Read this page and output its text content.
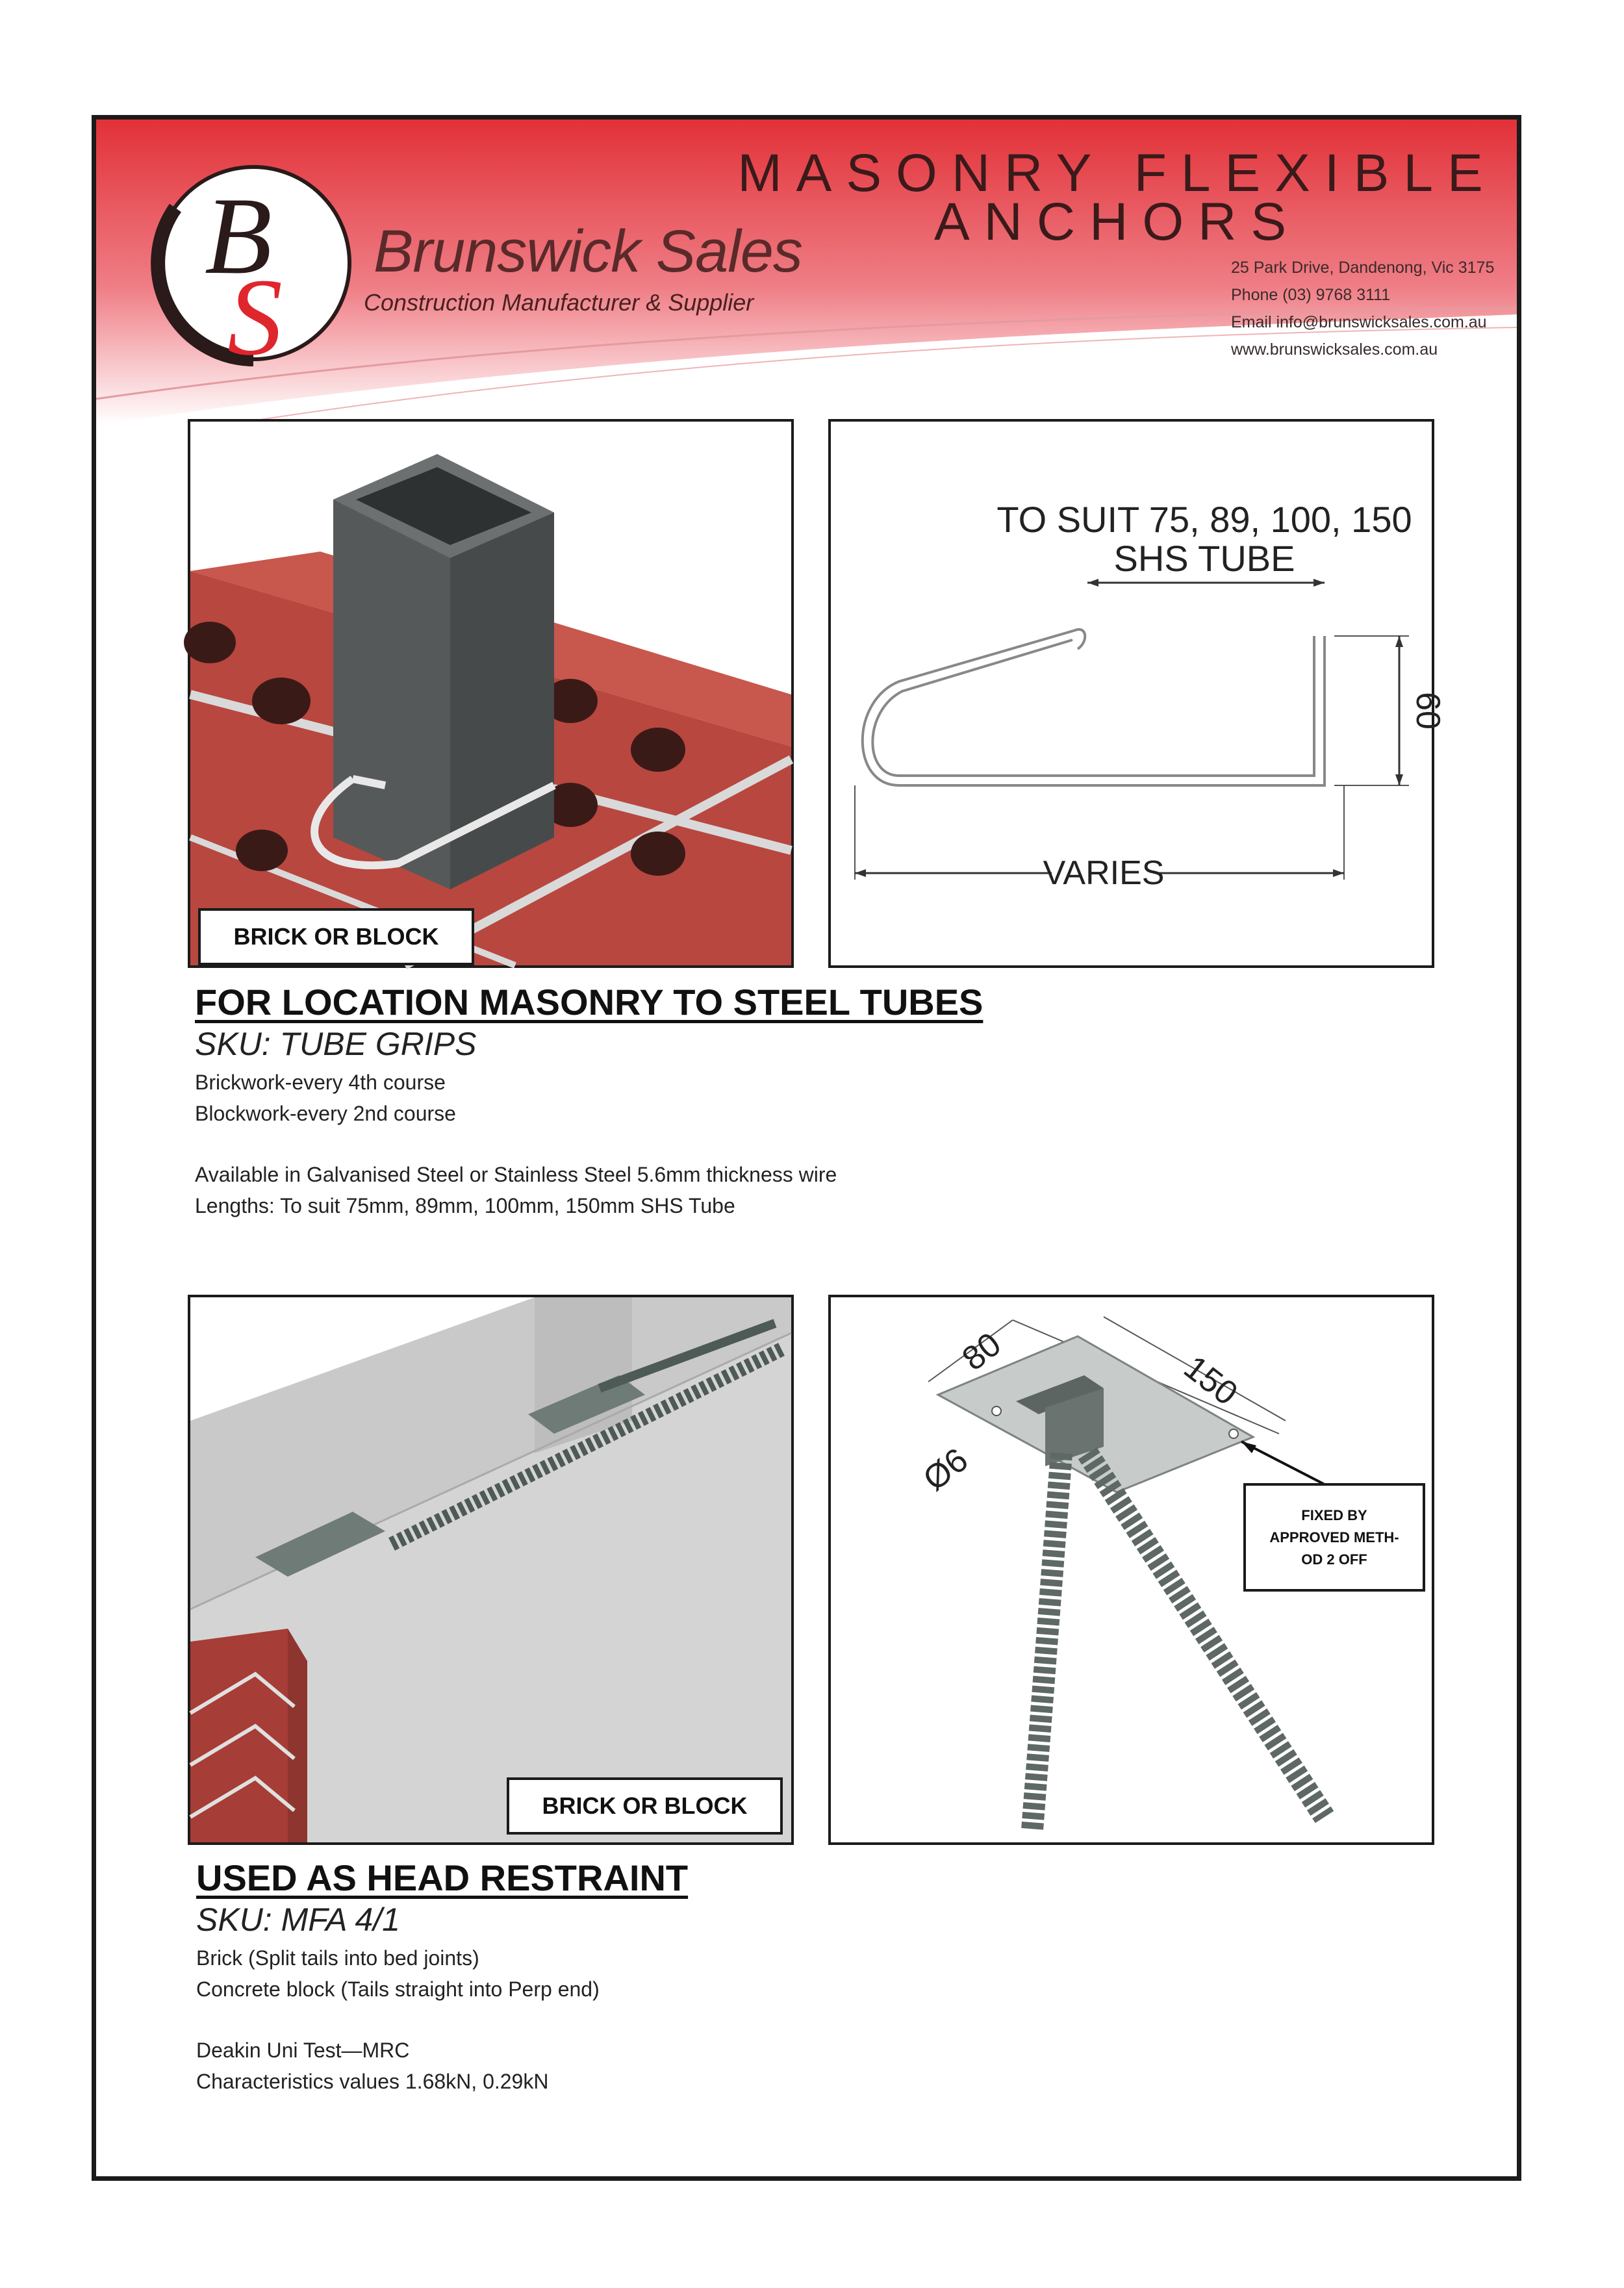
B
S
Brunswick Sales
Construction Manufacturer & Supplier
MASONRY FLEXIBLE
ANCHORS
25 Park Drive, Dandenong, Vic 3175
Phone (03) 9768 3111
Email info@brunswicksales.com.au
www.brunswicksales.com.au
BRICK OR BLOCK
TO SUIT 75, 89, 100, 150
SHS TUBE
60
VARIES
FOR LOCATION MASONRY TO STEEL TUBES
SKU: TUBE GRIPS
Brickwork-every 4th course
Blockwork-every 2nd course
Available in Galvanised Steel or Stainless Steel 5.6mm thickness wire
Lengths: To suit 75mm, 89mm, 100mm, 150mm SHS Tube
BRICK OR BLOCK
80	150
Ø6
FIXED BY
APPROVED METH-
OD 2 OFF
USED AS HEAD RESTRAINT
SKU: MFA 4/1
Brick (Split tails into bed joints)
Concrete block (Tails straight into Perp end)
Deakin Uni Test—MRC
Characteristics values 1.68kN, 0.29kN
